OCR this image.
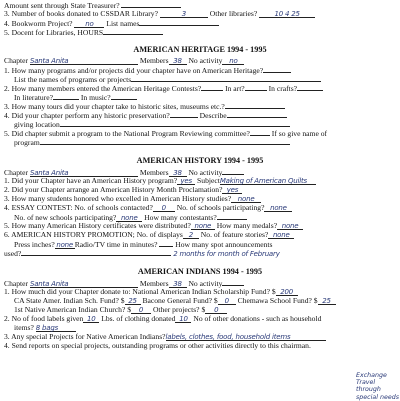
Amount sent through State Treasurer?
3. Number of books donated to CSSDAR Library?	3	Other libraries? 10 4 25
4. Bookworm Project? no List names
5. Docent for Libraries, HOURS
AMERICAN HERITAGE 1994 - 1995
Chapter Santa Anita	Members 38 No activity no
1. How many programs and/or projects did your chapter have on American Heritage?
List the names of programs or projects
2. How many members entered the American Heritage Contests?	In art?	In crafts?
In literature?	In music?
3. How many tours did your chapter take to historic sites, museums etc.?
4. Did your chapter perform any historic preservation?	Describe
giving location
5. Did chapter submit a program to the National Program Reviewing committee?	If so give name of
program
AMERICAN HISTORY 1994 - 1995
Chapter Santa Anita	Members 38 No activity
1. Did your Chapter have an American History program? yes SubjectMaking of American Quilts
2. Did your Chapter arrange an American History Month Proclamation? yes
3. How many students honored who excelled in American History studies? none
4. ESSAY CONTEST: No. of schools contacted? 0 No. of schools participating? none
No. of new schools participating? none How many contestants?
5. How many American History certificates were distributed? none How many medals? none
6. AMERICAN HISTORY PROMOTION; No. of displays 2 No. of feature stories? none
Press inches? none Radio/TV time in minutes? How many spot announcements
used?	2 months for month of February
AMERICAN INDIANS 1994 - 1995
Chapter Santa Anita	Members 38 No activity
1. How much did your Chapter donate to: National American Indian Scholarship Fund? $ 200
CA State Amer. Indian Sch. Fund? $ 25 Bacone General Fund? $ 0 Chemawa School Fund? $ 25
1st Native American Indian Church? $ 0 Other projects? $ 0
2. No of food labels given 10 Lbs. of clothing donated 10 No of other donations - such as household
items? 8 bags
3. Any special Projects for Native American Indians?labels, clothes, food, household items
4. Send reports on special projects, outstanding programs or other activities directly to this chairman.
Exchange
Travel through
special needs
